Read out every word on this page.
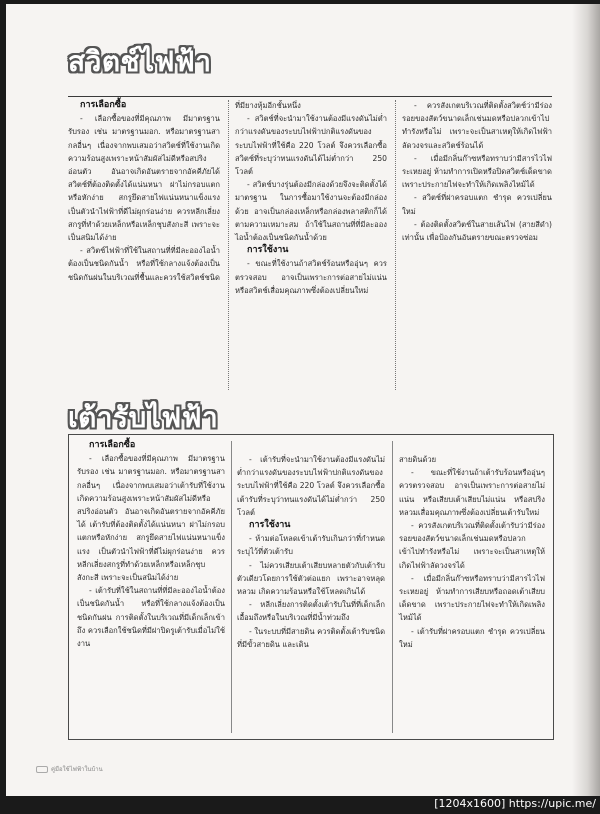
สวิตช์ไฟฟ้า

การเลือกซื้อ

- เลือกซื้อของที่มีคุณภาพ มีมาตรฐานรับรอง เช่น มาตรฐานมอก. หรือมาตรฐานสากลอื่นๆ เนื่องจากพบเสมอว่าสวิตช์ที่ใช้งานเกิดความร้อนสูงเพราะหน้าสัมผัสไม่ดีหรือสปริงอ่อนตัว อันอาจเกิดอันตรายจากอัคคีภัยได้ สวิตช์ที่ต้องติดตั้งได้แน่นหนา ฝาไม่กรอบแตกหรือหักง่าย สกรูยึดสายไฟแน่นหนาแข็งแรง เป็นตัวนำไฟฟ้าที่ดีไม่ผุกร่อนง่าย ควรหลีกเลี่ยงสกรูที่ทำด้วยเหล็กหรือเหล็กชุบสังกะสี เพราะจะเป็นสนิมได้ง่าย

- สวิตช์ไฟฟ้าที่ใช้ในสถานที่ที่มีละอองไอน้ำต้องเป็นชนิดกันน้ำ หรือที่ใช้กลางแจ้งต้องเป็นชนิดกันฝนในบริเวณที่ชื้นและควรใช้สวิตช์ชนิด

ที่มียางหุ้มอีกชั้นหนึ่ง

- สวิตช์ที่จะนำมาใช้งานต้องมีแรงดันไม่ต่ำกว่าแรงดันของระบบไฟฟ้าปกติแรงดันของระบบไฟฟ้าที่ใช้คือ 220 โวลต์ จึงควรเลือกซื้อสวิตช์ที่ระบุว่าทนแรงดันได้ไม่ต่ำกว่า 250 โวลต์

- สวิตช์บางรุ่นต้องมีกล่องด้วยจึงจะติดตั้งได้มาตรฐาน ในการซื้อมาใช้งานจะต้องมีกล่องด้วย อาจเป็นกล่องเหล็กหรือกล่องพลาสติกก็ได้ตามความเหมาะสม ถ้าใช้ในสถานที่ที่มีละอองไอน้ำต้องเป็นชนิดกันน้ำด้วย

การใช้งาน

- ขณะที่ใช้งานถ้าสวิตช์ร้อนหรืออุ่นๆ ควรตรวจสอบ อาจเป็นเพราะการต่อสายไม่แน่นหรือสวิตช์เสื่อมคุณภาพซึ่งต้องเปลี่ยนใหม่

- ควรสังเกตบริเวณที่ติดตั้งสวิตช์ว่ามีร่องรอยของสัตว์ขนาดเล็กเช่นมดหรือปลวกเข้าไปทำรังหรือไม่ เพราะจะเป็นสาเหตุให้เกิดไฟฟ้าลัดวงจรและสวิตช์ร้อนได้

- เมื่อมีกลิ่นก๊าซหรือทราบว่ามีสารไวไฟระเหยอยู่ ห้ามทำการเปิดหรือปิดสวิตช์เด็ดขาด เพราะประกายไฟจะทำให้เกิดเพลิงไหม้ได้

- สวิตช์ที่ฝาครอบแตก ชำรุด ควรเปลี่ยนใหม่

- ต้องติดตั้งสวิตช์ในสายเส้นไฟ (สายสีดำ) เท่านั้น เพื่อป้องกันอันตรายขณะตรวจซ่อม

เต้ารับไฟฟ้า

การเลือกซื้อ

- เลือกซื้อของที่มีคุณภาพ มีมาตรฐานรับรอง เช่น มาตรฐานมอก. หรือมาตรฐานสากลอื่นๆ เนื่องจากพบเสมอว่าเต้ารับที่ใช้งานเกิดความร้อนสูงเพราะหน้าสัมผัสไม่ดีหรือสปริงอ่อนตัว อันอาจเกิดอันตรายจากอัคคีภัยได้ เต้ารับที่ต้องติดตั้งได้แน่นหนา ฝาไม่กรอบแตกหรือหักง่าย สกรูยึดสายไฟแน่นหนาแข็งแรง เป็นตัวนำไฟฟ้าที่ดีไม่ผุกร่อนง่าย ควรหลีกเลี่ยงสกรูที่ทำด้วยเหล็กหรือเหล็กชุบสังกะสี เพราะจะเป็นสนิมได้ง่าย

- เต้ารับที่ใช้ในสถานที่ที่มีละอองไอน้ำต้องเป็นชนิดกันน้ำ หรือที่ใช้กลางแจ้งต้องเป็นชนิดกันฝน การติดตั้งในบริเวณที่มีเด็กเล็กเข้าถึง ควรเลือกใช้ชนิดที่มีฝาปิดรูเต้ารับเมื่อไม่ใช้งาน

- เต้ารับที่จะนำมาใช้งานต้องมีแรงดันไม่ต่ำกว่าแรงดันของระบบไฟฟ้าปกติแรงดันของระบบไฟฟ้าที่ใช้คือ 220 โวลต์ จึงควรเลือกซื้อเต้ารับที่ระบุว่าทนแรงดันได้ไม่ต่ำกว่า 250 โวลต์

การใช้งาน

- ห้ามต่อโหลดเข้าเต้ารับเกินกว่าที่กำหนดระบุไว้ที่ตัวเต้ารับ

- ไม่ควรเสียบเต้าเสียบหลายตัวกับเต้ารับตัวเดียวโดยการใช้ตัวต่อแยก เพราะอาจหลุด หลวม เกิดความร้อนหรือใช้โหลดเกินได้

- หลีกเลี่ยงการติดตั้งเต้ารับในที่ที่เด็กเล็กเอื้อมถึงหรือในบริเวณที่มีน้ำท่วมถึง

- ในระบบที่มีสายดิน ควรติดตั้งเต้ารับชนิดที่มีขั้วสายดิน และเดิน

สายดินด้วย

- ขณะที่ใช้งานถ้าเต้ารับร้อนหรืออุ่นๆ ควรตรวจสอบ อาจเป็นเพราะการต่อสายไม่แน่น หรือเสียบเต้าเสียบไม่แน่น หรือสปริงหลวมเสื่อมคุณภาพซึ่งต้องเปลี่ยนเต้ารับใหม่

- ควรสังเกตบริเวณที่ติดตั้งเต้ารับว่ามีร่องรอยของสัตว์ขนาดเล็กเช่นมดหรือปลวกเข้าไปทำรังหรือไม่ เพราะจะเป็นสาเหตุให้เกิดไฟฟ้าลัดวงจรได้

- เมื่อมีกลิ่นก๊าซหรือทราบว่ามีสารไวไฟระเหยอยู่ ห้ามทำการเสียบหรือถอดเต้าเสียบเด็ดขาด เพราะประกายไฟจะทำให้เกิดเพลิงไหม้ได้

- เต้ารับที่ฝาครอบแตก ชำรุด ควรเปลี่ยนใหม่

คู่มือใช้ไฟฟ้าในบ้าน
[1204x1600] https://upic.me/
